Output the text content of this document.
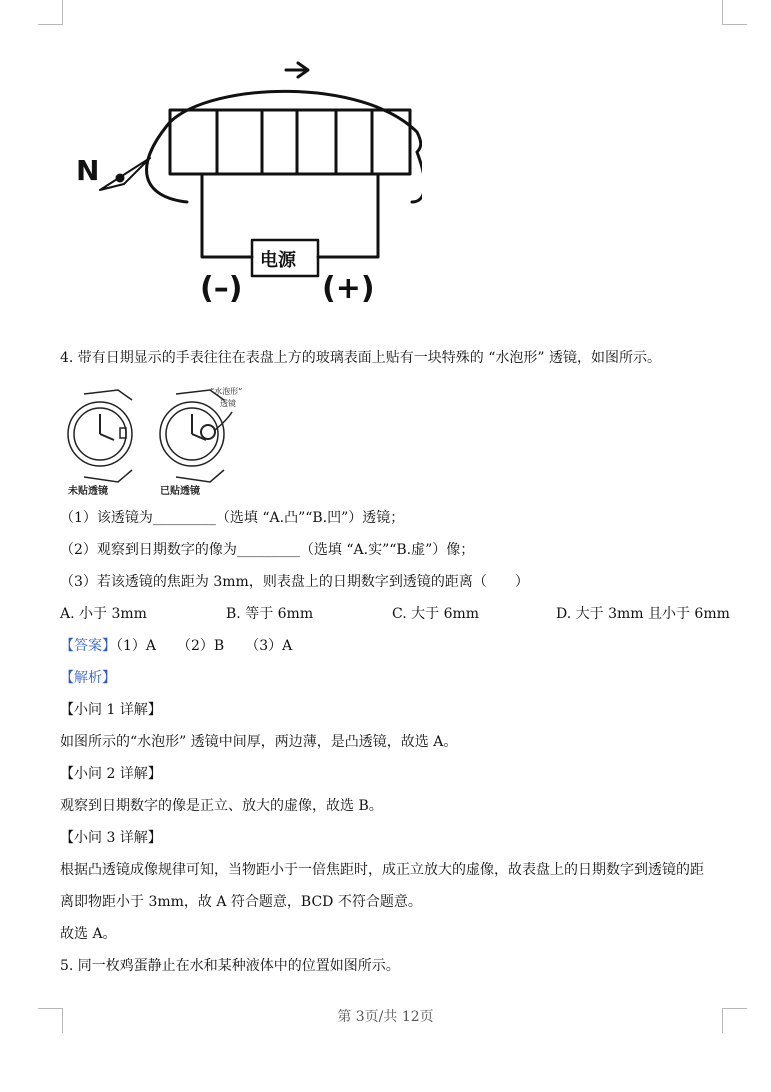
N
电源
(–)	(+)
4. 带有日期显示的手表往往在表盘上方的玻璃表面上贴有一块特殊的 “水泡形” 透镜，如图所示。
“水泡形”
透镜
未贴透镜	已贴透镜
（1）该透镜为_________（选填 “A.凸”“B.凹”）透镜；
（2）观察到日期数字的像为_________（选填 “A.实”“B.虚”）像；
（3）若该透镜的焦距为 3mm，则表盘上的日期数字到透镜的距离（　　）
A. 小于 3mm	B. 等于 6mm	C. 大于 6mm	D. 大于 3mm 且小于 6mm
【答案】（1）A　　（2）B　　（3）A
【解析】
【小问 1 详解】
如图所示的“水泡形” 透镜中间厚，两边薄，是凸透镜，故选 A。
【小问 2 详解】
观察到日期数字的像是正立、放大的虚像，故选 B。
【小问 3 详解】
根据凸透镜成像规律可知，当物距小于一倍焦距时，成正立放大的虚像，故表盘上的日期数字到透镜的距
离即物距小于 3mm，故 A 符合题意，BCD 不符合题意。
故选 A。
5. 同一枚鸡蛋静止在水和某种液体中的位置如图所示。
第 3页/共 12页
